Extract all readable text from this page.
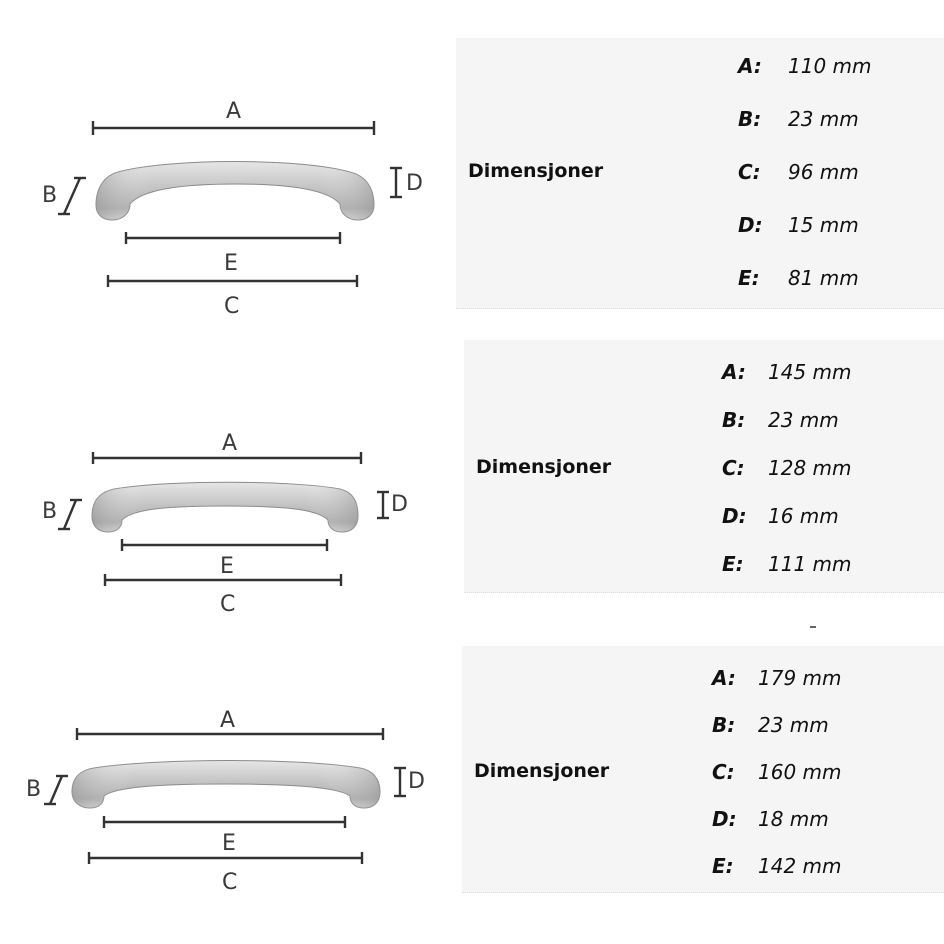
A
B	D
E
C
Dimensjoner
A: 110 mm
B: 23 mm
C: 96 mm
D: 15 mm
E: 81 mm
A
B	D
E
C
Dimensjoner
A: 145 mm
B: 23 mm
C: 128 mm
D: 16 mm
E: 111 mm
A
B	D
E
C
Dimensjoner
A: 179 mm
B: 23 mm
C: 160 mm
D: 18 mm
E: 142 mm
